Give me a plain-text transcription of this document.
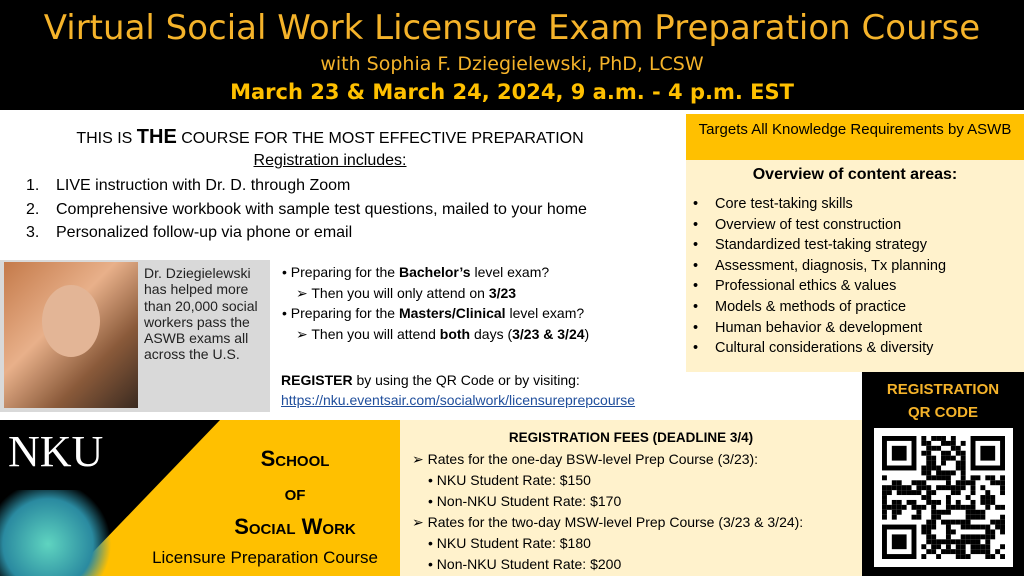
Virtual Social Work Licensure Exam Preparation Course
with Sophia F. Dziegielewski, PhD, LCSW
March 23 & March 24, 2024, 9 a.m. - 4 p.m. EST
THIS IS THE COURSE FOR THE MOST EFFECTIVE PREPARATION
Registration includes:
1. LIVE instruction with Dr. D. through Zoom
2. Comprehensive workbook with sample test questions, mailed to your home
3. Personalized follow-up via phone or email
Dr. Dziegielewski has helped more than 20,000 social workers pass the ASWB exams all across the U.S.
• Preparing for the Bachelor’s level exam?
➢ Then you will only attend on 3/23
• Preparing for the Masters/Clinical level exam?
➢ Then you will attend both days (3/23 & 3/24)
REGISTER by using the QR Code or by visiting:
https://nku.eventsair.com/socialwork/licensureprepcourse
Targets All Knowledge Requirements by ASWB
Overview of content areas:
• Core test-taking skills
• Overview of test construction
• Standardized test-taking strategy
• Assessment, diagnosis, Tx planning
• Professional ethics & values
• Models & methods of practice
• Human behavior & development
• Cultural considerations & diversity
REGISTRATION
QR CODE
NKU	School
of
Social Work
Licensure Preparation Course
REGISTRATION FEES (DEADLINE 3/4)
➢ Rates for the one-day BSW-level Prep Course (3/23):
• NKU Student Rate: $150
• Non-NKU Student Rate: $170
➢ Rates for the two-day MSW-level Prep Course (3/23 & 3/24):
• NKU Student Rate: $180
• Non-NKU Student Rate: $200
